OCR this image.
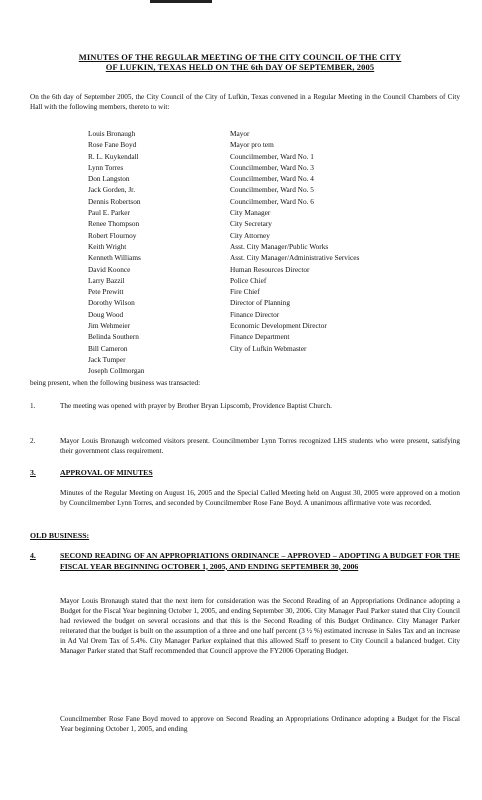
MINUTES OF THE REGULAR MEETING OF THE CITY COUNCIL OF THE CITY
OF LUFKIN, TEXAS HELD ON THE 6th DAY OF SEPTEMBER, 2005
On the 6th day of September 2005, the City Council of the City of Lufkin, Texas convened in a Regular Meeting in the Council Chambers of City Hall with the following members, thereto to wit:
Louis Bronaugh	Mayor
Rose Fane Boyd	Mayor pro tem
R. L. Kuykendall	Councilmember, Ward No. 1
Lynn Torres	Councilmember, Ward No. 3
Don Langston	Councilmember, Ward No. 4
Jack Gorden, Jr.	Councilmember, Ward No. 5
Dennis Robertson	Councilmember, Ward No. 6
Paul E. Parker	City Manager
Renee Thompson	City Secretary
Robert Flournoy	City Attorney
Keith Wright	Asst. City Manager/Public Works
Kenneth Williams	Asst. City Manager/Administrative Services
David Koonce	Human Resources Director
Larry Bazzil	Police Chief
Pete Prewitt	Fire Chief
Dorothy Wilson	Director of Planning
Doug Wood	Finance Director
Jim Wehmeier	Economic Development Director
Belinda Southern	Finance Department
Bill Cameron	City of Lufkin Webmaster
Jack Tumper
Joseph Collmorgan
being present, when the following business was transacted:
1.	The meeting was opened with prayer by Brother Bryan Lipscomb, Providence Baptist Church.
2.	Mayor Louis Bronaugh welcomed visitors present. Councilmember Lynn Torres recognized LHS students who were present, satisfying their government class requirement.
3.	APPROVAL OF MINUTES
Minutes of the Regular Meeting on August 16, 2005 and the Special Called Meeting held on August 30, 2005 were approved on a motion by Councilmember Lynn Torres, and seconded by Councilmember Rose Fane Boyd. A unanimous affirmative vote was recorded.
OLD BUSINESS:
4.	SECOND READING OF AN APPROPRIATIONS ORDINANCE – APPROVED – ADOPTING A BUDGET FOR THE FISCAL YEAR BEGINNING OCTOBER 1, 2005, AND ENDING SEPTEMBER 30, 2006
Mayor Louis Bronaugh stated that the next item for consideration was the Second Reading of an Appropriations Ordinance adopting a Budget for the Fiscal Year beginning October 1, 2005, and ending September 30, 2006. City Manager Paul Parker stated that City Council had reviewed the budget on several occasions and that this is the Second Reading of this Budget Ordinance. City Manager Parker reiterated that the budget is built on the assumption of a three and one half percent (3 ½ %) estimated increase in Sales Tax and an increase in Ad Val Orem Tax of 5.4%. City Manager Parker explained that this allowed Staff to present to City Council a balanced budget. City Manager Parker stated that Staff recommended that Council approve the FY2006 Operating Budget.
Councilmember Rose Fane Boyd moved to approve on Second Reading an Appropriations Ordinance adopting a Budget for the Fiscal Year beginning October 1, 2005, and ending
